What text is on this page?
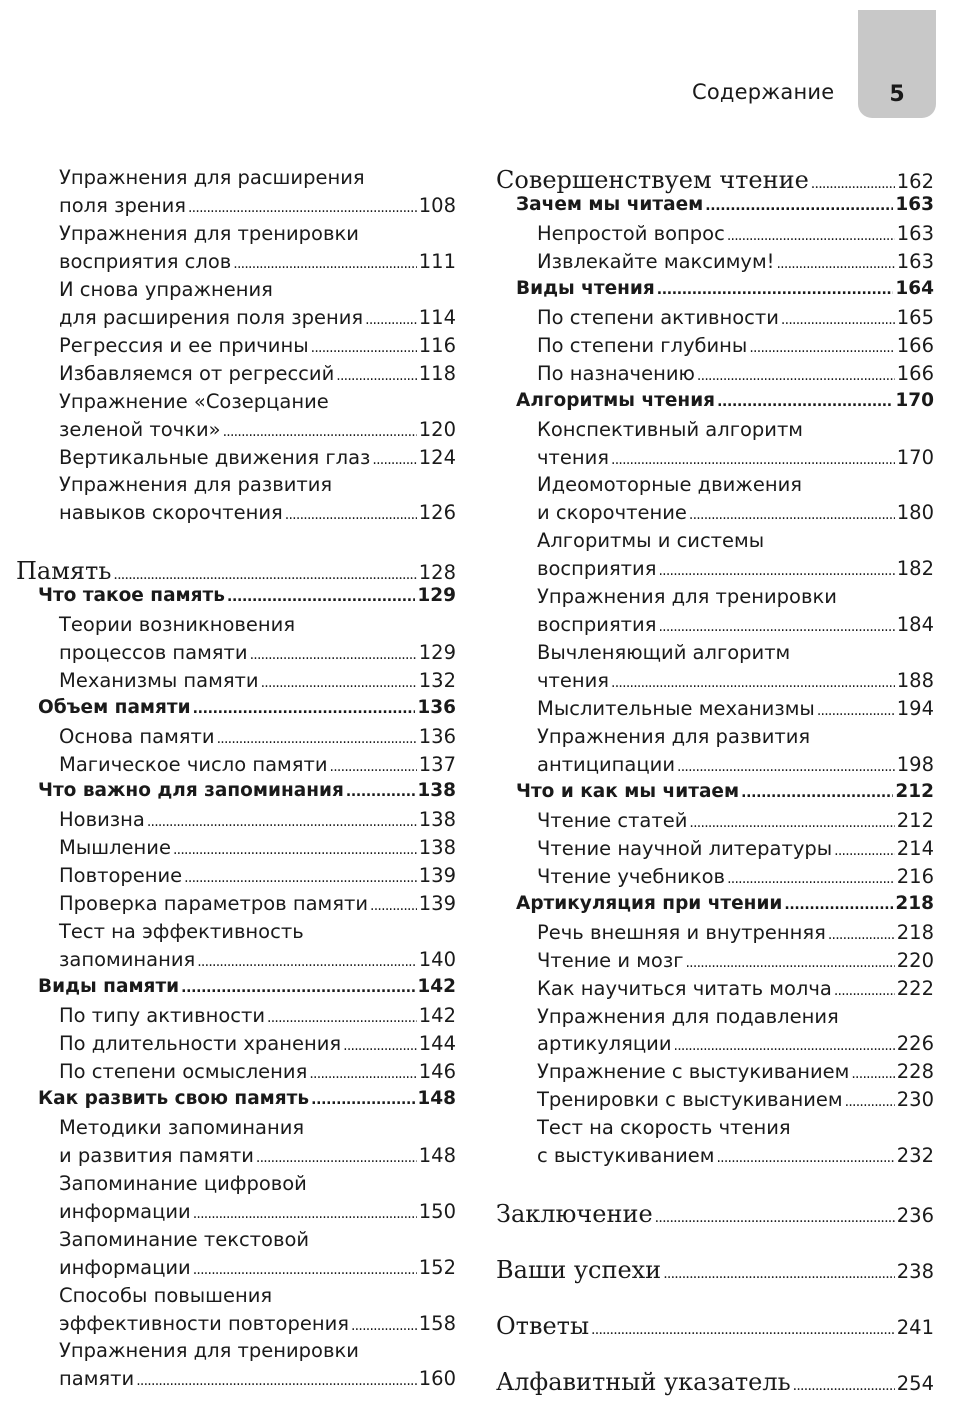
5
Содержание
Упражнения для расширения
поля зрения . . .	108
Упражнения для тренировки
восприятия слов . . .	111
И снова упражнения
для расширения поля зрения . . .	114
Регрессия и ее причины . . .	116
Избавляемся от регрессий . . .	118
Упражнение «Созерцание
зеленой точки» . . .	120
Вертикальные движения глаз . . . 124
Упражнения для развития
навыков скорочтения . . .	126
Память . . .	128
Что такое память . . .	129
Теории возникновения
процессов памяти . . .	129
Механизмы памяти . . .	132
Объем памяти . . .	136
Основа памяти . . .	136
Магическое число памяти . . .	137
Что важно для запоминания . . .	138
Новизна . . .	138
Мышление . . .	138
Повторение . . .	139
Проверка параметров памяти . . .	139
Тест на эффективность
запоминания . . .	140
Виды памяти . . .	142
По типу активности . . .	142
По длительности хранения . . .	144
По степени осмысления . . .	146
Как развить свою память . . .	148
Методики запоминания
и развития памяти . . .	148
Запоминание цифровой
информации . . .	150
Запоминание текстовой
информации . . .	152
Способы повышения
эффективности повторения . . .	158
Упражнения для тренировки
памяти . . .	160
Совершенствуем чтение . . .	162
Зачем мы читаем . . .	163
Непростой вопрос . . .	163
Извлекайте максимум! . . .	163
Виды чтения . . .	164
По степени активности . . .	165
По степени глубины . . .	166
По назначению . . .	166
Алгоритмы чтения . . .	170
Конспективный алгоритм
чтения . . .	170
Идеомоторные движения
и скорочтение . . .	180
Алгоритмы и системы
восприятия . . .	182
Упражнения для тренировки
восприятия . . .	184
Вычленяющий алгоритм
чтения . . .	188
Мыслительные механизмы . . .	194
Упражнения для развития
антиципации . . .	198
Что и как мы читаем . . .	212
Чтение статей . . .	212
Чтение научной литературы . . .	214
Чтение учебников . . .	216
Артикуляция при чтении . . .	218
Речь внешняя и внутренняя . . .	218
Чтение и мозг . . .	220
Как научиться читать молча . . .	222
Упражнения для подавления
артикуляции . . .	226
Упражнение с выстукиванием . . . 228
Тренировки с выстукиванием . . .	230
Тест на скорость чтения
с выстукиванием . . .	232
Заключение . . .	236
Ваши успехи . . .	238
Ответы . . .	241
Алфавитный указатель . . .	254
